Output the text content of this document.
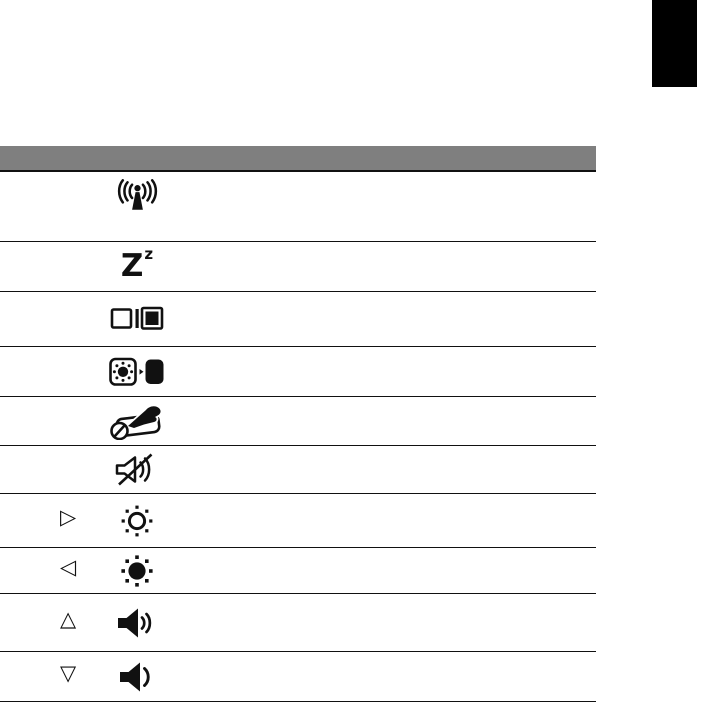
Z z
▷
◁
△
▽
